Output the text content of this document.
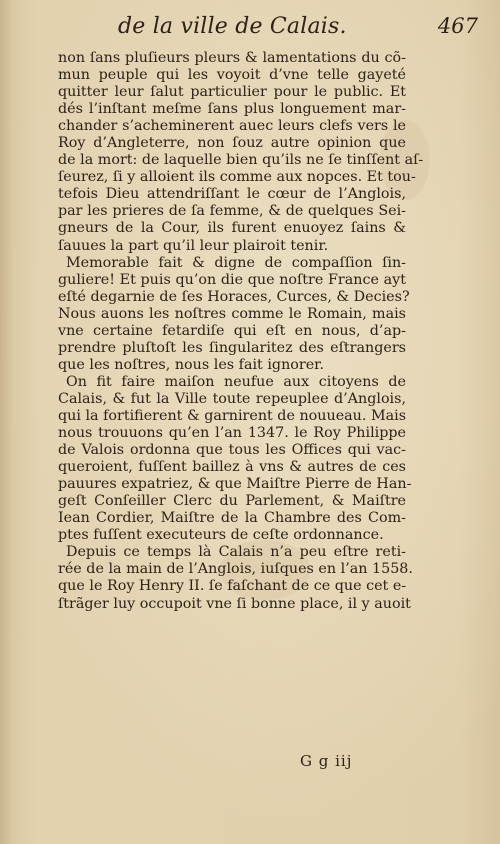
de la ville de Calais.	467
non ſans pluſieurs pleurs & lamentations du cõ-
mun peuple qui les voyoit d’vne telle gayeté
quitter leur ſalut particulier pour le public. Et
dés l’inſtant meſme ſans plus longuement mar-
chander s’acheminerent auec leurs clefs vers le
Roy d’Angleterre, non ſouz autre opinion que
de la mort: de laquelle bien qu’ils ne ſe tinſſent aſ-
ſeurez, ſi y alloient ils comme aux nopces. Et tou-
tefois Dieu attendriſſant le cœur de l’Anglois,
par les prieres de ſa femme, & de quelques Sei-
gneurs de la Cour, ils furent enuoyez ſains &
ſauues la part qu’il leur plairoit tenir.
Memorable fait & digne de compaſſion ſin-
guliere! Et puis qu’on die que noſtre France ayt
eſté degarnie de ſes Horaces, Curces, & Decies?
Nous auons les noſtres comme le Romain, mais
vne certaine fetardiſe qui eſt en nous, d’ap-
prendre pluſtoſt les ſingularitez des eſtrangers
que les noſtres, nous les fait ignorer.
On fit faire maiſon neufue aux citoyens de
Calais, & fut la Ville toute repeuplee d’Anglois,
qui la fortifierent & garnirent de nouueau. Mais
nous trouuons qu’en l’an 1347. le Roy Philippe
de Valois ordonna que tous les Offices qui vac-
queroient, fuſſent baillez à vns & autres de ces
pauures expatriez, & que Maiſtre Pierre de Han-
geſt Conſeiller Clerc du Parlement, & Maiſtre
Iean Cordier, Maiſtre de la Chambre des Com-
ptes fuſſent executeurs de ceſte ordonnance.
Depuis ce temps là Calais n’a peu eſtre reti-
rée de la main de l’Anglois, iuſques en l’an 1558.
que le Roy Henry II. ſe faſchant de ce que cet e-
ſtrãger luy occupoit vne ſi bonne place, il y auoit
G g iij
